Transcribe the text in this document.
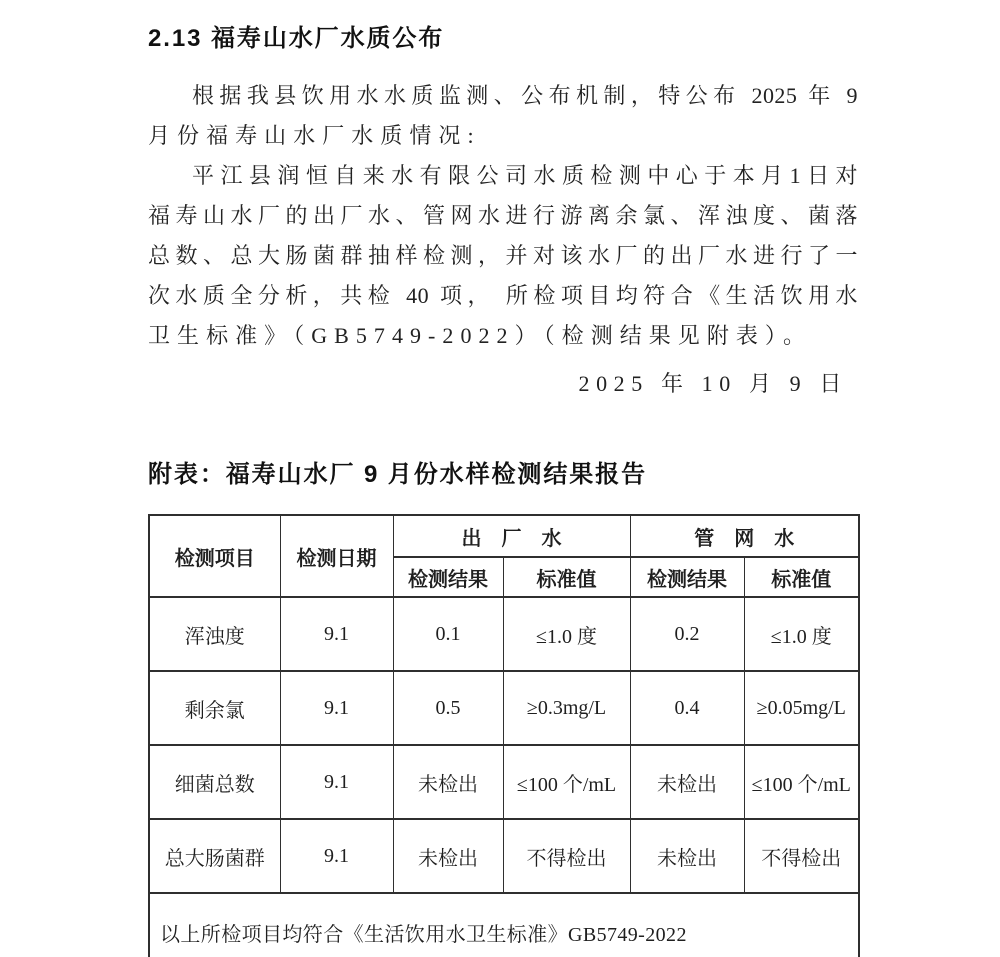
2.13 福寿山水厂水质公布
根据我县饮用水水质监测、公布机制，特公布 2025 年 9
月份福寿山水厂水质情况:
平江县润恒自来水有限公司水质检测中心于本月1日对
福寿山水厂的出厂水、管网水进行游离余氯、浑浊度、菌落
总数、总大肠菌群抽样检测，并对该水厂的出厂水进行了一
次水质全分析，共检 40 项， 所检项目均符合《生活饮用水
卫生标准》（GB5749-2022）（检测结果见附表）。
2025 年 10 月 9 日
附表：福寿山水厂 9 月份水样检测结果报告
检测项目	检测日期	出　厂　水		管　网　水	
		检测结果	标准值	检测结果	标准值
浑浊度	9.1	0.1	≤1.0 度	0.2	≤1.0 度
剩余氯	9.1	0.5	≥0.3mg/L	0.4	≥0.05mg/L
细菌总数	9.1	未检出	≤100 个/mL	未检出	≤100 个/mL
总大肠菌群	9.1	未检出	不得检出	未检出	不得检出
以上所检项目均符合《生活饮用水卫生标准》GB5749-2022					
